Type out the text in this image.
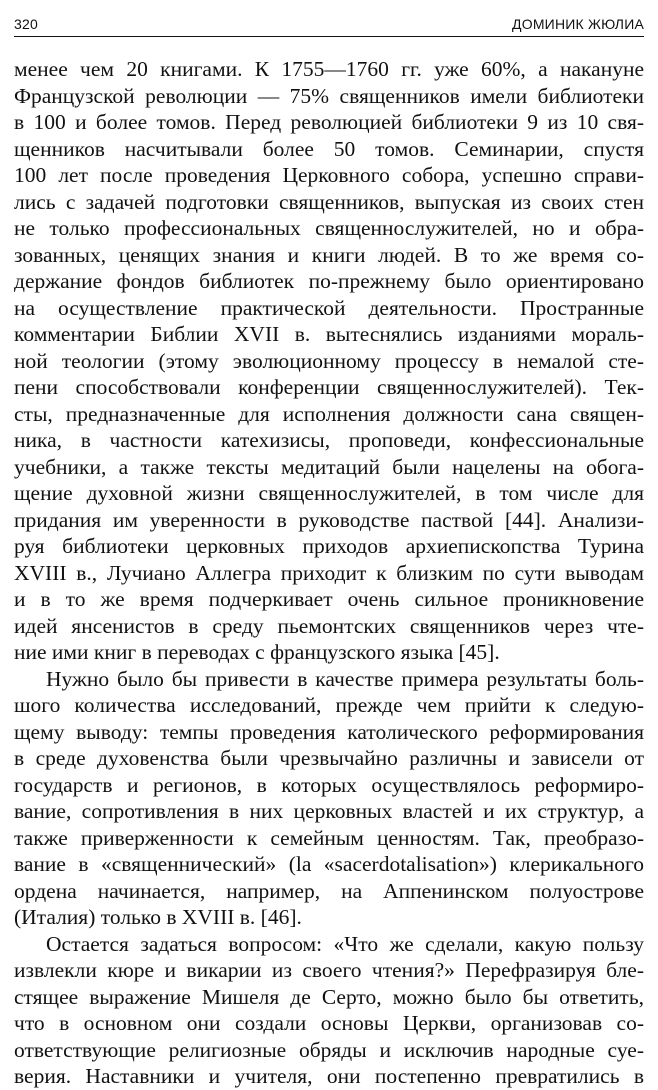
320	ДОМИНИК ЖЮЛИА
менее чем 20 книгами. К 1755—1760 гг. уже 60%, а накануне
Французской революции — 75% священников имели библиотеки
в 100 и более томов. Перед революцией библиотеки 9 из 10 свя-
щенников насчитывали более 50 томов. Семинарии, спустя
100 лет после проведения Церковного собора, успешно справи-
лись с задачей подготовки священников, выпуская из своих стен
не только профессиональных священнослужителей, но и обра-
зованных, ценящих знания и книги людей. В то же время со-
держание фондов библиотек по-прежнему было ориентировано
на осуществление практической деятельности. Пространные
комментарии Библии XVII в. вытеснялись изданиями мораль-
ной теологии (этому эволюционному процессу в немалой сте-
пени способствовали конференции священнослужителей). Тек-
сты, предназначенные для исполнения должности сана священ-
ника, в частности катехизисы, проповеди, конфессиональные
учебники, а также тексты медитаций были нацелены на обога-
щение духовной жизни священнослужителей, в том числе для
придания им уверенности в руководстве паствой [44]. Анализи-
руя библиотеки церковных приходов архиепископства Турина
XVIII в., Лучиано Аллегра приходит к близким по сути выводам
и в то же время подчеркивает очень сильное проникновение
идей янсенистов в среду пьемонтских священников через чте-
ние ими книг в переводах с французского языка [45].
Нужно было бы привести в качестве примера результаты боль-
шого количества исследований, прежде чем прийти к следую-
щему выводу: темпы проведения католического реформирования
в среде духовенства были чрезвычайно различны и зависели от
государств и регионов, в которых осуществлялось реформиро-
вание, сопротивления в них церковных властей и их структур, а
также приверженности к семейным ценностям. Так, преобразо-
вание в «священнический» (la «sacerdotalisation») клерикального
ордена начинается, например, на Аппенинском полуострове
(Италия) только в XVIII в. [46].
Остается задаться вопросом: «Что же сделали, какую пользу
извлекли кюре и викарии из своего чтения?» Перефразируя бле-
стящее выражение Мишеля де Серто, можно было бы ответить,
что в основном они создали основы Церкви, организовав со-
ответствующие религиозные обряды и исключив народные суе-
верия. Наставники и учителя, они постепенно превратились в
